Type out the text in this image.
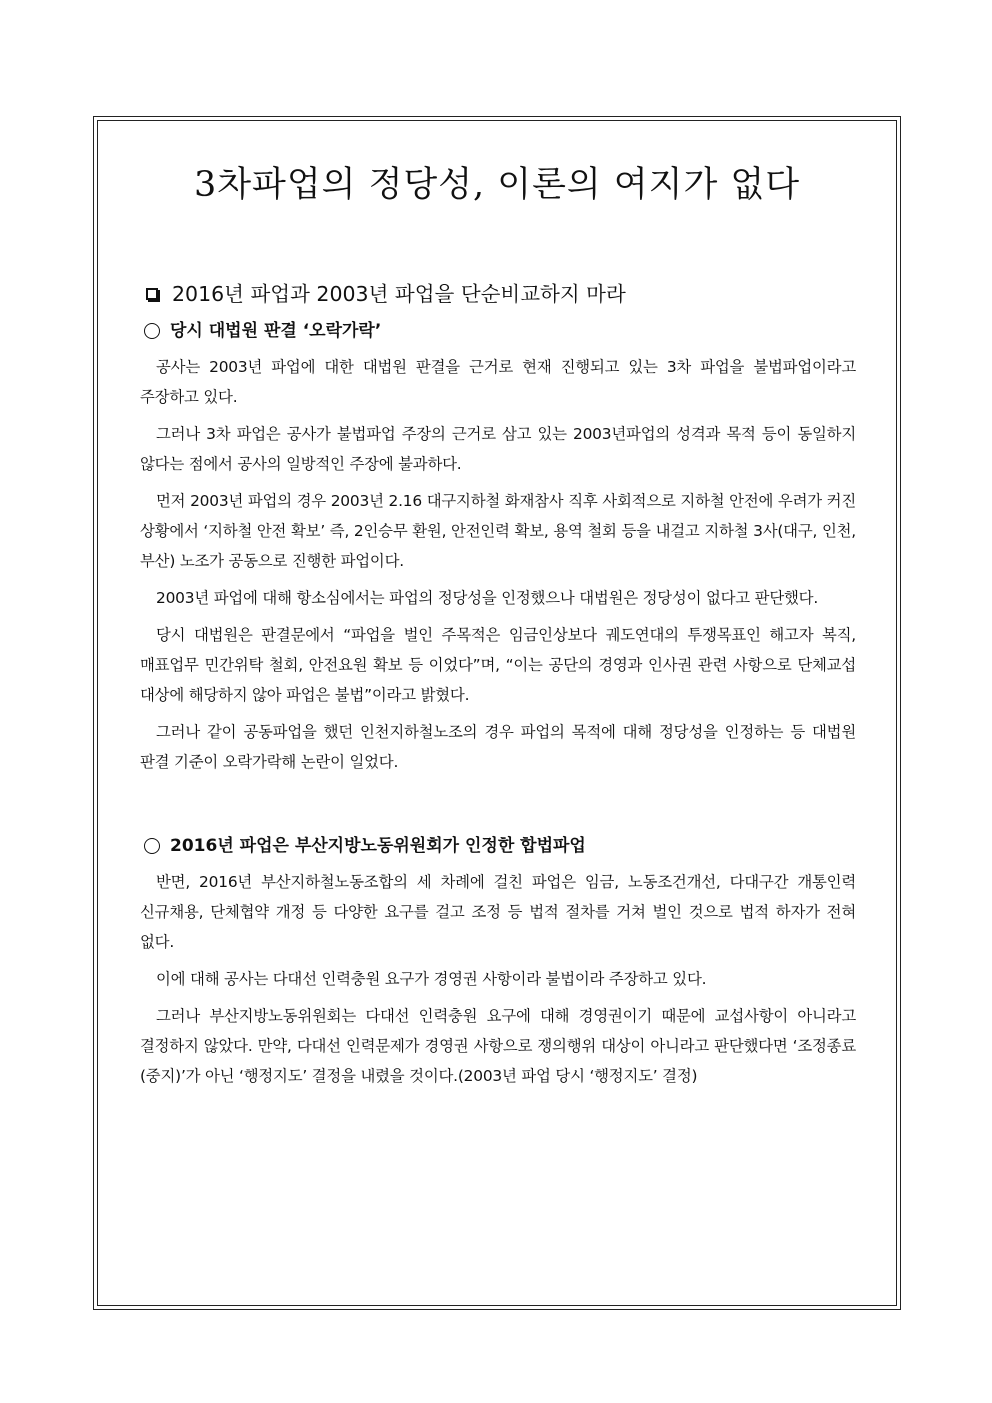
3차파업의 정당성, 이론의 여지가 없다
2016년 파업과 2003년 파업을 단순비교하지 마라
당시 대법원 판결 ‘오락가락’

공사는 2003년 파업에 대한 대법원 판결을 근거로 현재 진행되고 있는 3차 파업을 불법파업이라고 주장하고 있다.

그러나 3차 파업은 공사가 불법파업 주장의 근거로 삼고 있는 2003년파업의 성격과 목적 등이 동일하지 않다는 점에서 공사의 일방적인 주장에 불과하다.

먼저 2003년 파업의 경우 2003년 2.16 대구지하철 화재참사 직후 사회적으로 지하철 안전에 우려가 커진 상황에서 ‘지하철 안전 확보’ 즉, 2인승무 환원, 안전인력 확보, 용역 철회 등을 내걸고 지하철 3사(대구, 인천, 부산) 노조가 공동으로 진행한 파업이다.

2003년 파업에 대해 항소심에서는 파업의 정당성을 인정했으나 대법원은 정당성이 없다고 판단했다.

당시 대법원은 판결문에서 “파업을 벌인 주목적은 임금인상보다 궤도연대의 투쟁목표인 해고자 복직, 매표업무 민간위탁 철회, 안전요원 확보 등 이었다”며, “이는 공단의 경영과 인사권 관련 사항으로 단체교섭 대상에 해당하지 않아 파업은 불법”이라고 밝혔다.

그러나 같이 공동파업을 했던 인천지하철노조의 경우 파업의 목적에 대해 정당성을 인정하는 등 대법원 판결 기준이 오락가락해 논란이 일었다.

2016년 파업은 부산지방노동위원회가 인정한 합법파업

반면, 2016년 부산지하철노동조합의 세 차례에 걸친 파업은 임금, 노동조건개선, 다대구간 개통인력 신규채용, 단체협약 개정 등 다양한 요구를 걸고 조정 등 법적 절차를 거쳐 벌인 것으로 법적 하자가 전혀 없다.

이에 대해 공사는 다대선 인력충원 요구가 경영권 사항이라 불법이라 주장하고 있다.

그러나 부산지방노동위원회는 다대선 인력충원 요구에 대해 경영권이기 때문에 교섭사항이 아니라고 결정하지 않았다. 만약, 다대선 인력문제가 경영권 사항으로 쟁의행위 대상이 아니라고 판단했다면 ‘조정종료(중지)’가 아닌 ‘행정지도’ 결정을 내렸을 것이다.(2003년 파업 당시 ‘행정지도’ 결정)
